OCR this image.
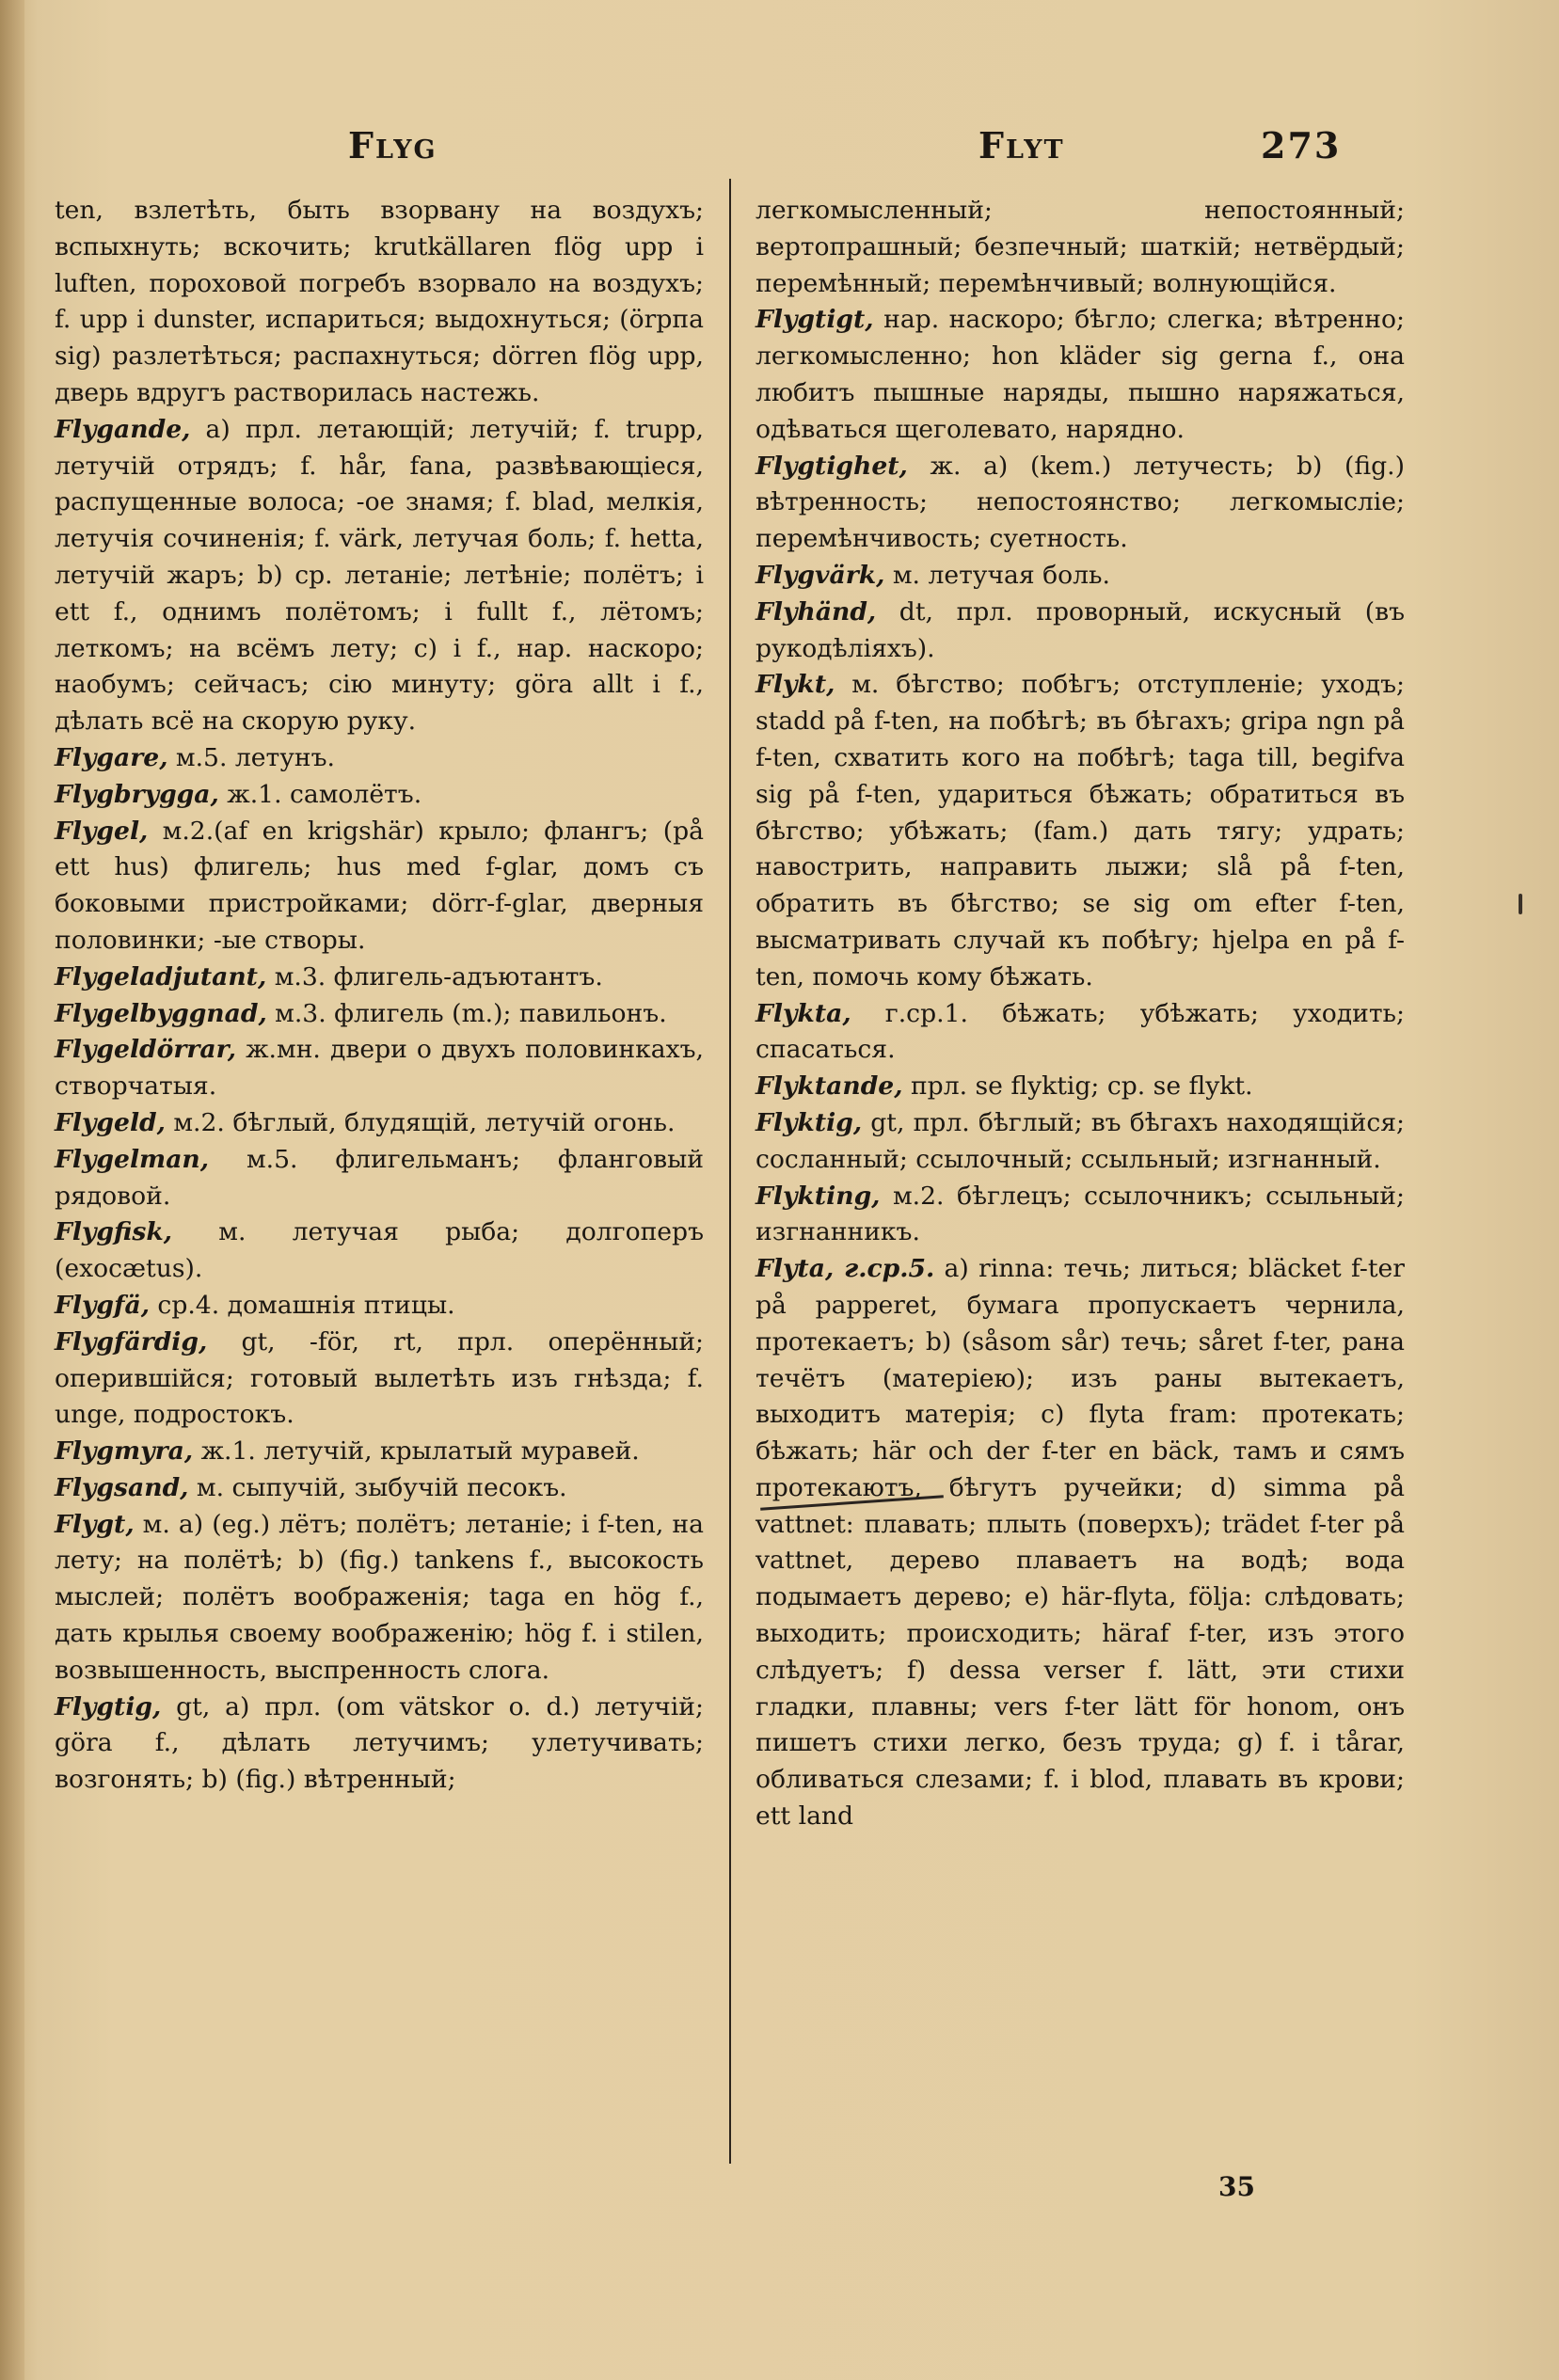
Flyg	Flyt	273

ten, взлетѣть, быть взорвану на воздухъ; вспыхнуть; вскочить; krutkällaren flög upp i luften, пороховой погребъ взорвало на воздухъ; f. upp i dunster, испариться; выдохнуться; (örрпа sig) разлетѣться; распахнуться; dörren flög upp, дверь вдругъ растворилась настежь.

Flygande, а) прл. летающій; летучій; f. trupp, летучій отрядъ; f. hår, fana, развѣвающіеся, распущенные волоса; -ое знамя; f. blad, мелкія, летучія сочиненія; f. värk, летучая боль; f. hetta, летучій жаръ; b) ср. летаніе; летѣніе; полётъ; i ett f., однимъ полётомъ; i fullt f., лётомъ; леткомъ; на всёмъ лету; c) i f., нар. наскоро; наобумъ; сейчасъ; сію минуту; göra allt i f., дѣлать всё на скорую руку.

Flygare, м.5. летунъ.

Flygbrygga, ж.1. самолётъ.

Flygel, м.2.(af en krigshär) крыло; флангъ; (på ett hus) флигель; hus med f-glar, домъ съ боковыми пристройками; dörr-f-glar, дверныя половинки; -ые створы.

Flygeladjutant, м.3. флигель-адъютантъ.

Flygelbyggnad, м.3. флигель (m.); павильонъ.

Flygeldörrar, ж.мн. двери о двухъ половинкахъ, створчатыя.

Flygeld, м.2. бѣглый, блудящій, летучій огонь.

Flygelman, м.5. флигельманъ; фланговый рядовой.

Flygfisk, м. летучая рыба; долгоперъ (exocætus).

Flygfä, ср.4. домашнія птицы.

Flygfärdig, gt, -för, rt, прл. оперённый; оперившійся; готовый вылетѣть изъ гнѣзда; f. unge, подростокъ.

Flygmyra, ж.1. летучій, крылатый муравей.

Flygsand, м. сыпучій, зыбучій песокъ.

Flygt, м. а) (eg.) лётъ; полётъ; летаніе; i f-ten, на лету; на полётѣ; b) (fig.) tankens f., высокость мыслей; полётъ воображенія; taga en hög f., дать крылья своему воображенію; hög f. i stilen, возвышенность, выспренность слога.

Flygtig, gt, а) прл. (om vätskor o. d.) летучій; göra f., дѣлать летучимъ; улетучивать; возгонять; b) (fig.) вѣтренный;

легкомысленный; непостоянный; вертопрашный; безпечный; шаткій; нетвёрдый; перемѣнный; перемѣнчивый; волнующійся.

Flygtigt, нар. наскоро; бѣгло; слегка; вѣтренно; легкомысленно; hon kläder sig gerna f., она любитъ пышные наряды, пышно наряжаться, одѣваться щеголевато, нарядно.

Flygtighet, ж. а) (kem.) летучесть; b) (fig.) вѣтренность; непостоянство; легкомысліе; перемѣнчивость; суетность.

Flygvärk, м. летучая боль.

Flyhänd, dt, прл. проворный, искусный (въ рукодѣліяхъ).

Flykt, м. бѣгство; побѣгъ; отступленіе; уходъ; stadd på f-ten, на побѣгѣ; въ бѣгахъ; gripa ngn på f-ten, схватить кого на побѣгѣ; taga till, begifva sig på f-ten, удариться бѣжать; обратиться въ бѣгство; убѣжать; (fam.) дать тягу; удрать; навострить, направить лыжи; slå på f-ten, обратить въ бѣгство; se sig om efter f-ten, высматривать случай къ побѣгу; hjelpa en på f-ten, помочь кому бѣжать.

Flykta, г.ср.1. бѣжать; убѣжать; уходить; спасаться.

Flyktande, прл. se flyktig; ср. se flykt.

Flyktig, gt, прл. бѣглый; въ бѣгахъ находящійся; сосланный; ссылочный; ссыльный; изгнанный.

Flykting, м.2. бѣглецъ; ссылочникъ; ссыльный; изгнанникъ.

Flyta, г.ср.5. а) rinna: течь; литься; bläcket f-ter på papperet, бумага пропускаетъ чернила, протекаетъ; b) (såsom sår) течь; såret f-ter, рана течётъ (матеріею); изъ раны вытекаетъ, выходитъ матерія; c) flyta fram: протекать; бѣжать; här och der f-ter en bäck, тамъ и сямъ протекаютъ, бѣгутъ ручейки; d) simma på vattnet: плавать; плыть (поверхъ); trädet f-ter på vattnet, дерево плаваетъ на водѣ; вода подымаетъ дерево; e) här-flyta, följa: слѣдовать; выходить; происходить; häraf f-ter, изъ этого слѣдуетъ; f) dessa verser f. lätt, эти стихи гладки, плавны; vers f-ter lätt för honom, онъ пишетъ стихи легко, безъ труда; g) f. i tårar, обливаться слезами; f. i blod, плавать въ крови; ett land

35
